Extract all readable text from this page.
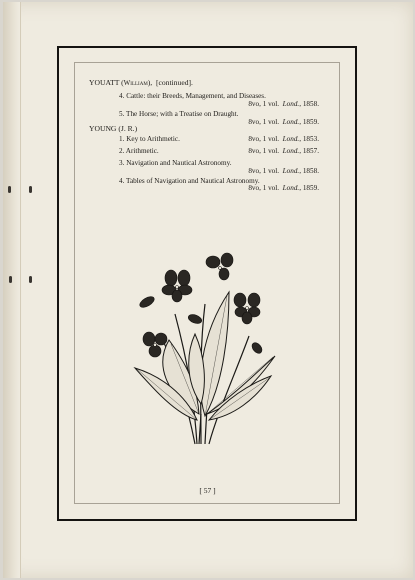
YOUATT (William),  [continued].
4. Cattle: their Breeds, Management, and Diseases.
8vo, 1 vol. Lond., 1858.
5. The Horse; with a Treatise on Draught.
8vo, 1 vol. Lond., 1859.
YOUNG (J. R.)
1. Key to Arithmetic.	8vo, 1 vol. Lond., 1853.
2. Arithmetic.	8vo, 1 vol. Lond., 1857.
3. Navigation and Nautical Astronomy.
8vo, 1 vol. Lond., 1858.
4. Tables of Navigation and Nautical Astronomy.
8vo, 1 vol. Lond., 1859.
[ 57 ]
